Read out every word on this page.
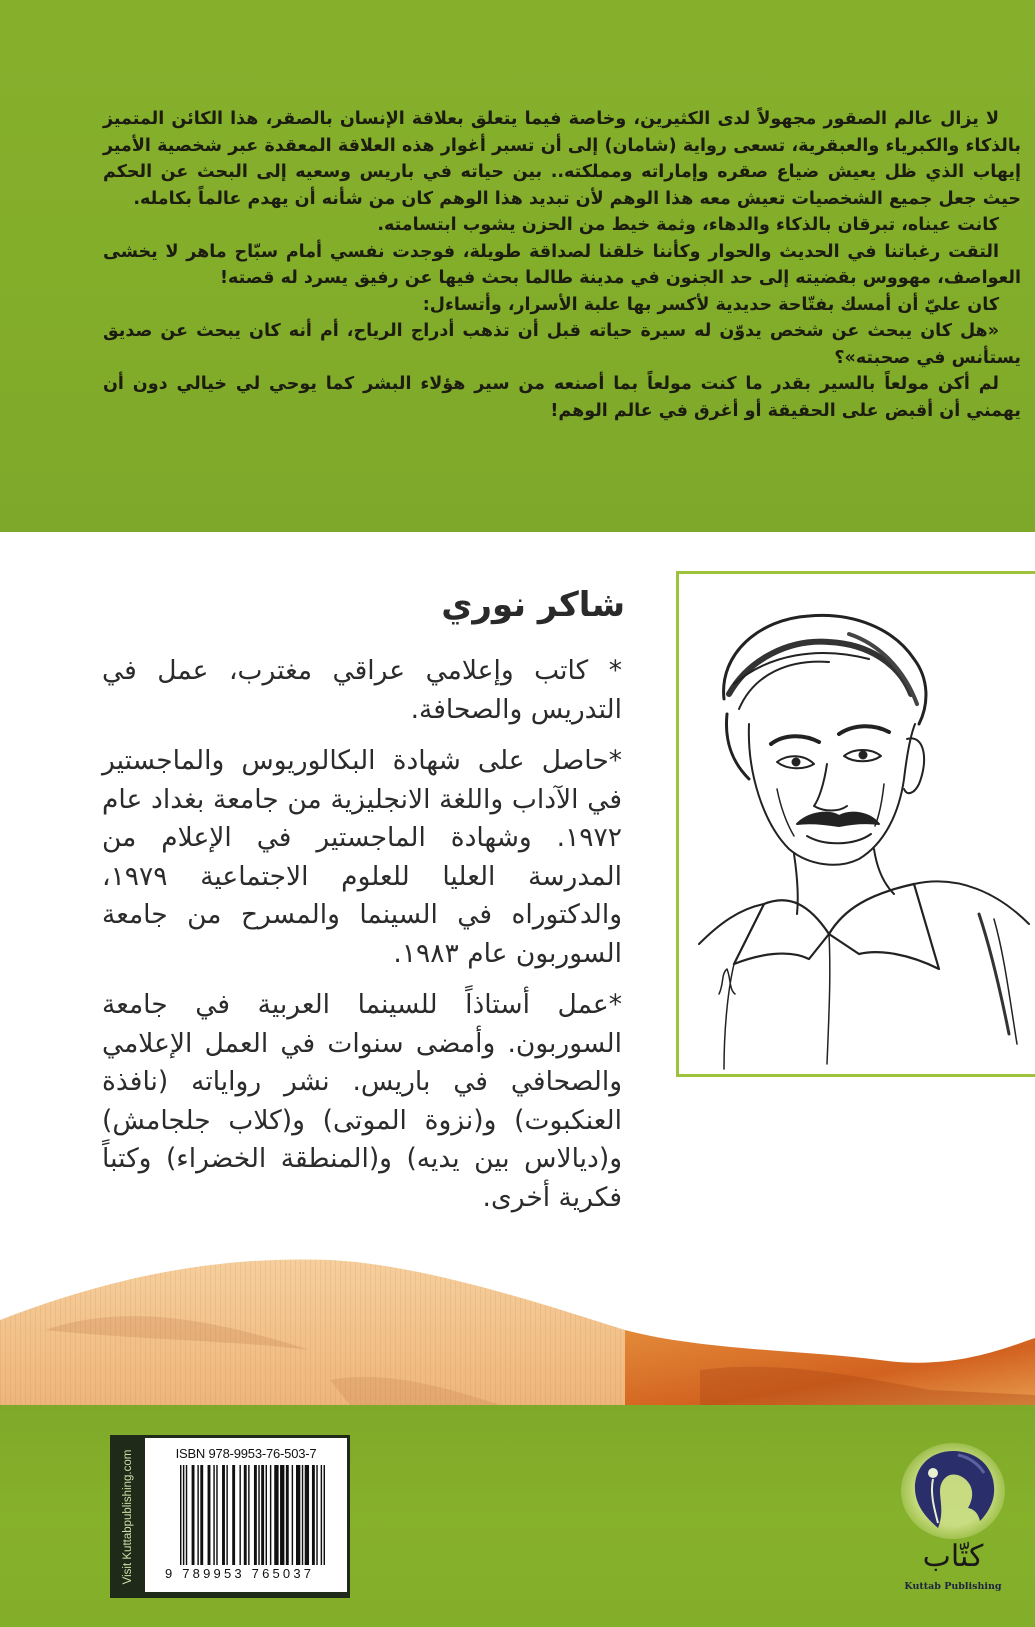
لا يزال عالم الصقور مجهولاً لدى الكثيرين، وخاصة فيما يتعلق بعلاقة الإنسان بالصقر، هذا الكائن المتميز بالذكاء والكبرياء والعبقرية، تسعى رواية (شامان) إلى أن تسبر أغوار هذه العلاقة المعقدة عبر شخصية الأمير إيهاب الذي ظل يعيش ضياع صقره وإماراته ومملكته.. بين حياته في باريس وسعيه إلى البحث عن الحكم حيث جعل جميع الشخصيات تعيش معه هذا الوهم لأن تبديد هذا الوهم كان من شأنه أن يهدم عالماً بكامله.

كانت عيناه، تبرقان بالذكاء والدهاء، وثمة خيط من الحزن يشوب ابتسامته.

التقت رغباتنا في الحديث والحوار وكأننا خلقنا لصداقة طويلة، فوجدت نفسي أمام سبّاح ماهر لا يخشى العواصف، مهووس بقضيته إلى حد الجنون في مدينة طالما بحث فيها عن رفيق يسرد له قصته!

كان عليّ أن أمسك بفتّاحة حديدية لأكسر بها علبة الأسرار، وأتساءل:

«هل كان يبحث عن شخص يدوّن له سيرة حياته قبل أن تذهب أدراج الرياح، أم أنه كان يبحث عن صديق يستأنس في صحبته»؟

لم أكن مولعاً بالسير بقدر ما كنت مولعاً بما أصنعه من سير هؤلاء البشر كما يوحي لي خيالي دون أن يهمني أن أقبض على الحقيقة أو أغرق في عالم الوهم!

شاكر نوري

* كاتب وإعلامي عراقي مغترب، عمل في التدريس والصحافة.

*حاصل على شهادة البكالوريوس والماجستير في الآداب واللغة الانجليزية من جامعة بغداد عام ١٩٧٢. وشهادة الماجستير في الإعلام من المدرسة العليا للعلوم الاجتماعية ١٩٧٩، والدكتوراه في السينما والمسرح من جامعة السوربون عام ١٩٨٣.

*عمل أستاذاً للسينما العربية في جامعة السوربون. وأمضى سنوات في العمل الإعلامي والصحافي في باريس. نشر رواياته (نافذة العنكبوت) و(نزوة الموتى) و(كلاب جلجامش) و(ديالاس بين يديه) و(المنطقة الخضراء) وكتباً فكرية أخرى.

Visit Kuttabpublishing.com	ISBN 978-9953-76-503-7
9 789953 765037	كتّاب
Kuttab Publishing
